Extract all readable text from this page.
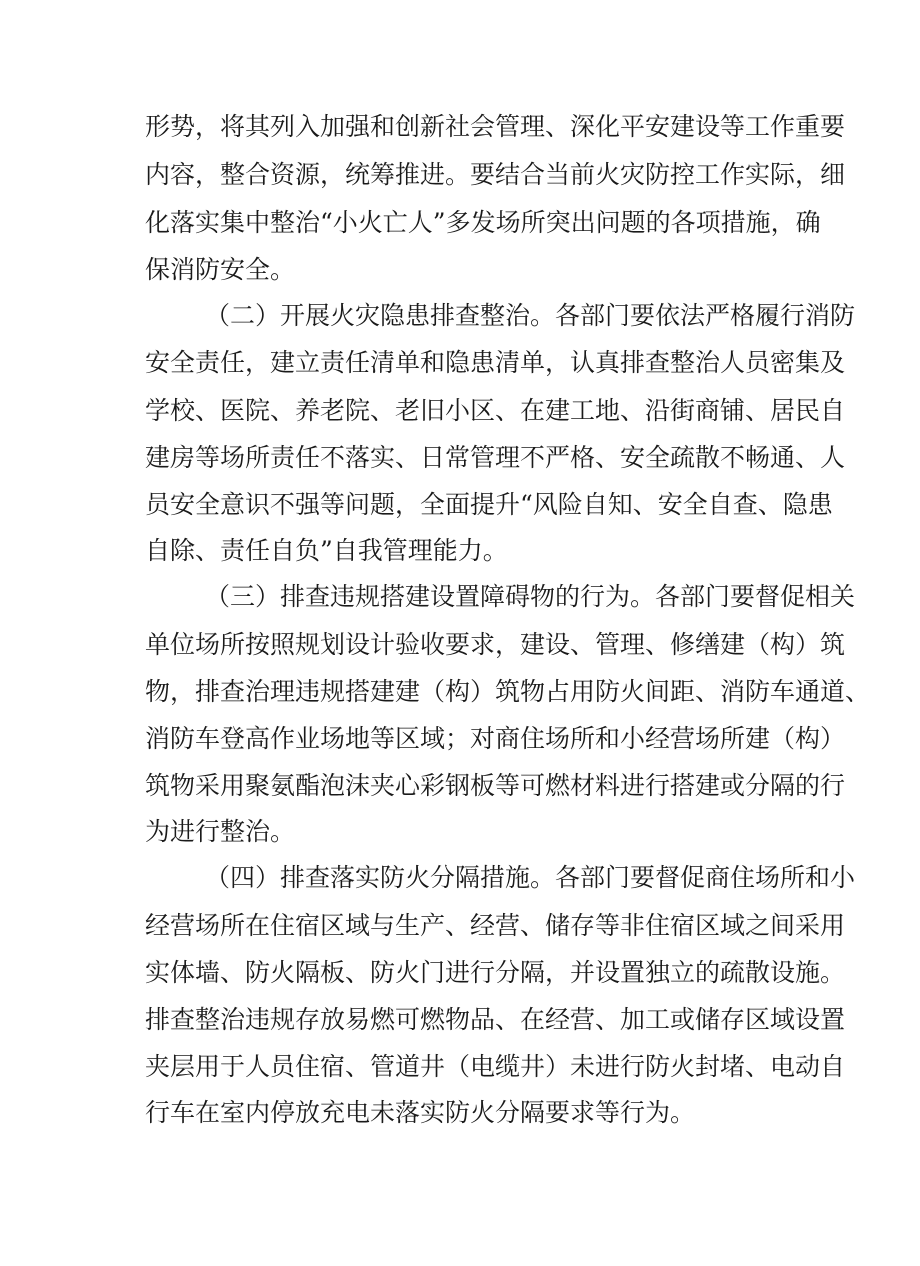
形势，将其列入加强和创新社会管理、深化平安建设等工作重要

内容，整合资源，统筹推进。要结合当前火灾防控工作实际，细

化落实集中整治“小火亡人”多发场所突出问题的各项措施，确

保消防安全。

（二）开展火灾隐患排查整治。各部门要依法严格履行消防

安全责任，建立责任清单和隐患清单，认真排查整治人员密集及

学校、医院、养老院、老旧小区、在建工地、沿街商铺、居民自

建房等场所责任不落实、日常管理不严格、安全疏散不畅通、人

员安全意识不强等问题，全面提升“风险自知、安全自查、隐患

自除、责任自负”自我管理能力。

（三）排查违规搭建设置障碍物的行为。各部门要督促相关

单位场所按照规划设计验收要求，建设、管理、修缮建（构）筑

物，排查治理违规搭建建（构）筑物占用防火间距、消防车通道、

消防车登高作业场地等区域；对商住场所和小经营场所建（构）

筑物采用聚氨酯泡沫夹心彩钢板等可燃材料进行搭建或分隔的行

为进行整治。

（四）排查落实防火分隔措施。各部门要督促商住场所和小

经营场所在住宿区域与生产、经营、储存等非住宿区域之间采用

实体墙、防火隔板、防火门进行分隔，并设置独立的疏散设施。

排查整治违规存放易燃可燃物品、在经营、加工或储存区域设置

夹层用于人员住宿、管道井（电缆井）未进行防火封堵、电动自

行车在室内停放充电未落实防火分隔要求等行为。
